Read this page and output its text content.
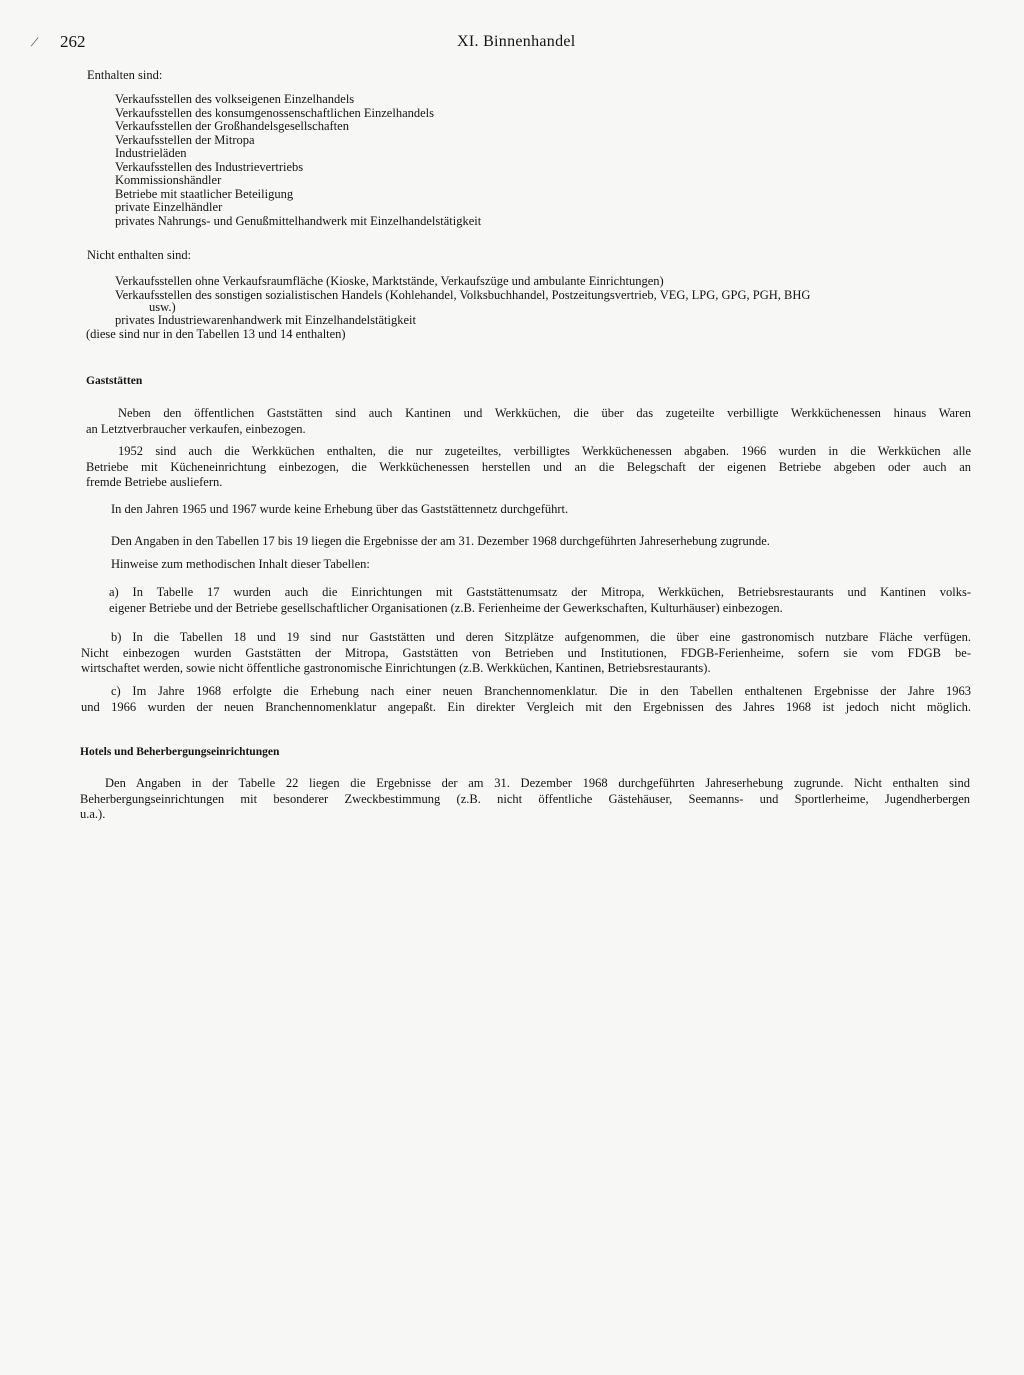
/ 262	XI. Binnenhandel
Enthalten sind:
Verkaufsstellen des volkseigenen Einzelhandels
Verkaufsstellen des konsumgenossenschaftlichen Einzelhandels
Verkaufsstellen der Großhandelsgesellschaften
Verkaufsstellen der Mitropa
Industrieläden
Verkaufsstellen des Industrievertriebs
Kommissionshändler
Betriebe mit staatlicher Beteiligung
private Einzelhändler
privates Nahrungs- und Genußmittelhandwerk mit Einzelhandelstätigkeit
Nicht enthalten sind:
Verkaufsstellen ohne Verkaufsraumfläche (Kioske, Marktstände, Verkaufszüge und ambulante Einrichtungen)
Verkaufsstellen des sonstigen sozialistischen Handels (Kohlehandel, Volksbuchhandel, Postzeitungsvertrieb, VEG, LPG, GPG, PGH, BHG
usw.)
privates Industriewarenhandwerk mit Einzelhandelstätigkeit
(diese sind nur in den Tabellen 13 und 14 enthalten)
Gaststätten
Neben den öffentlichen Gaststätten sind auch Kantinen und Werkküchen, die über das zugeteilte verbilligte Werkküchenessen hinaus Waren
an Letztverbraucher verkaufen, einbezogen.
1952 sind auch die Werkküchen enthalten, die nur zugeteiltes, verbilligtes Werkküchenessen abgaben. 1966 wurden in die Werkküchen alle
Betriebe mit Kücheneinrichtung einbezogen, die Werkküchenessen herstellen und an die Belegschaft der eigenen Betriebe abgeben oder auch an
fremde Betriebe ausliefern.
In den Jahren 1965 und 1967 wurde keine Erhebung über das Gaststättennetz durchgeführt.
Den Angaben in den Tabellen 17 bis 19 liegen die Ergebnisse der am 31. Dezember 1968 durchgeführten Jahreserhebung zugrunde.
Hinweise zum methodischen Inhalt dieser Tabellen:
a) In Tabelle 17 wurden auch die Einrichtungen mit Gaststättenumsatz der Mitropa, Werkküchen, Betriebsrestaurants und Kantinen volks-
eigener Betriebe und der Betriebe gesellschaftlicher Organisationen (z.B. Ferienheime der Gewerkschaften, Kulturhäuser) einbezogen.
b) In die Tabellen 18 und 19 sind nur Gaststätten und deren Sitzplätze aufgenommen, die über eine gastronomisch nutzbare Fläche verfügen.
Nicht einbezogen wurden Gaststätten der Mitropa, Gaststätten von Betrieben und Institutionen, FDGB-Ferienheime, sofern sie vom FDGB be-
wirtschaftet werden, sowie nicht öffentliche gastronomische Einrichtungen (z.B. Werkküchen, Kantinen, Betriebsrestaurants).
c) Im Jahre 1968 erfolgte die Erhebung nach einer neuen Branchennomenklatur. Die in den Tabellen enthaltenen Ergebnisse der Jahre 1963
und 1966 wurden der neuen Branchennomenklatur angepaßt. Ein direkter Vergleich mit den Ergebnissen des Jahres 1968 ist jedoch nicht möglich.
Hotels und Beherbergungseinrichtungen
Den Angaben in der Tabelle 22 liegen die Ergebnisse der am 31. Dezember 1968 durchgeführten Jahreserhebung zugrunde. Nicht enthalten sind
Beherbergungseinrichtungen mit besonderer Zweckbestimmung (z.B. nicht öffentliche Gästehäuser, Seemanns- und Sportlerheime, Jugendherbergen
u.a.).
